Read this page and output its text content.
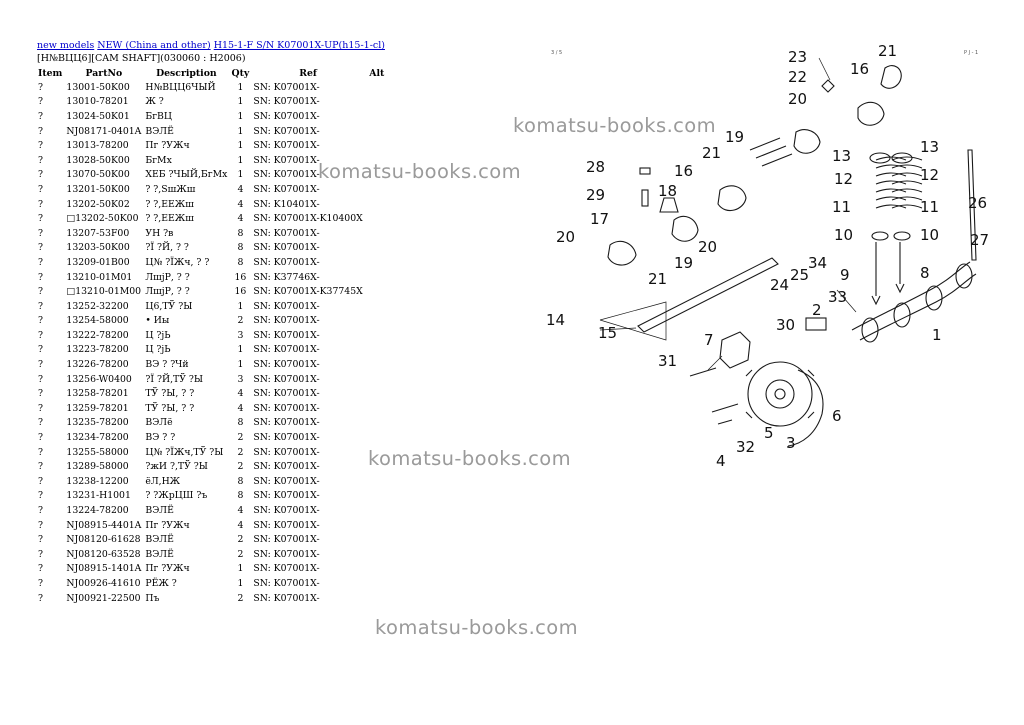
new models NEW (China and other) H15-1-F S/N K07001X-UP(h15-1-cl)
[H№ВЦЦ6][CAM SHAFT](030060 : H2006)
Item	PartNo	Description	Qty	Ref	Alt
?	13001-50K00	Н№ВЦЦ6ЧЫЙ	1	SN: K07001X-	
?	13010-78201	Ж ?	1	SN: K07001X-	
?	13024-50K01	БгВЦ	1	SN: K07001X-	
?	NJ08171-0401A	ВЭЛЁ	1	SN: K07001X-	
?	13013-78200	Пг ?УЖч	1	SN: K07001X-	
?	13028-50K00	БгМх	1	SN: K07001X-	
?	13070-50K00	ХЕБ ?ЧЫЙ,БгМх	1	SN: K07001X-	
?	13201-50K00	? ?,SшЖш	4	SN: K07001X-	
?	13202-50K02	? ?,ЕЕЖш	4	SN: K10401X-	
?	□13202-50K00	? ?,ЕЕЖш	4	SN: K07001X-K10400X	
?	13207-53F00	УН ?в	8	SN: K07001X-	
?	13203-50K00	?Ї ?Й, ? ?	8	SN: K07001X-	
?	13209-01B00	Ц№ ?ЇЖч, ? ?	8	SN: K07001X-	
?	13210-01M01	ЛшjР, ? ?	16	SN: K37746X-	
?	□13210-01M00	ЛшjР, ? ?	16	SN: K07001X-K37745X	
?	13252-32200	Ц6,ТЎ ?Ы	1	SN: K07001X-	
?	13254-58000	• Иы	2	SN: K07001X-	
?	13222-78200	Ц ?јЬ	3	SN: K07001X-	
?	13223-78200	Ц ?јЬ	1	SN: K07001X-	
?	13226-78200	ВЭ ? ?Чй	1	SN: K07001X-	
?	13256-W0400	?Ї ?Й,ТЎ ?Ы	3	SN: K07001X-	
?	13258-78201	ТЎ ?Ы, ? ?	4	SN: K07001X-	
?	13259-78201	ТЎ ?Ы, ? ?	4	SN: K07001X-	
?	13235-78200	ВЭЛё	8	SN: K07001X-	
?	13234-78200	ВЭ ? ?	2	SN: K07001X-	
?	13255-58000	Ц№ ?ЇЖч,ТЎ ?Ы	2	SN: K07001X-	
?	13289-58000	?жИ ?,ТЎ ?Ы	2	SN: K07001X-	
?	13238-12200	ёЛ,НЖ	8	SN: K07001X-	
?	13231-H1001	? ?ЖрЦШ ?ъ	8	SN: K07001X-	
?	13224-78200	ВЭЛЁ	4	SN: K07001X-	
?	NJ08915-4401A	Пг ?УЖч	4	SN: K07001X-	
?	NJ08120-61628	ВЭЛЁ	2	SN: K07001X-	
?	NJ08120-63528	ВЭЛЁ	2	SN: K07001X-	
?	NJ08915-1401A	Пг ?УЖч	1	SN: K07001X-	
?	NJ00926-41610	РЁЖ ?	1	SN: K07001X-	
?	NJ00921-22500	Пъ	2	SN: K07001X-	
komatsu-books.com
komatsu-books.com
komatsu-books.com
komatsu-books.com
3 / 5	P J - 1
1
2
3
4
5
6
7
8
9
10	10
11	11
12	12
13	13
14
15
16
16
17
18
19
19
20
20
20
21
21
21
22
23
24
25
26
27
28
29
30
31
32
33
34
